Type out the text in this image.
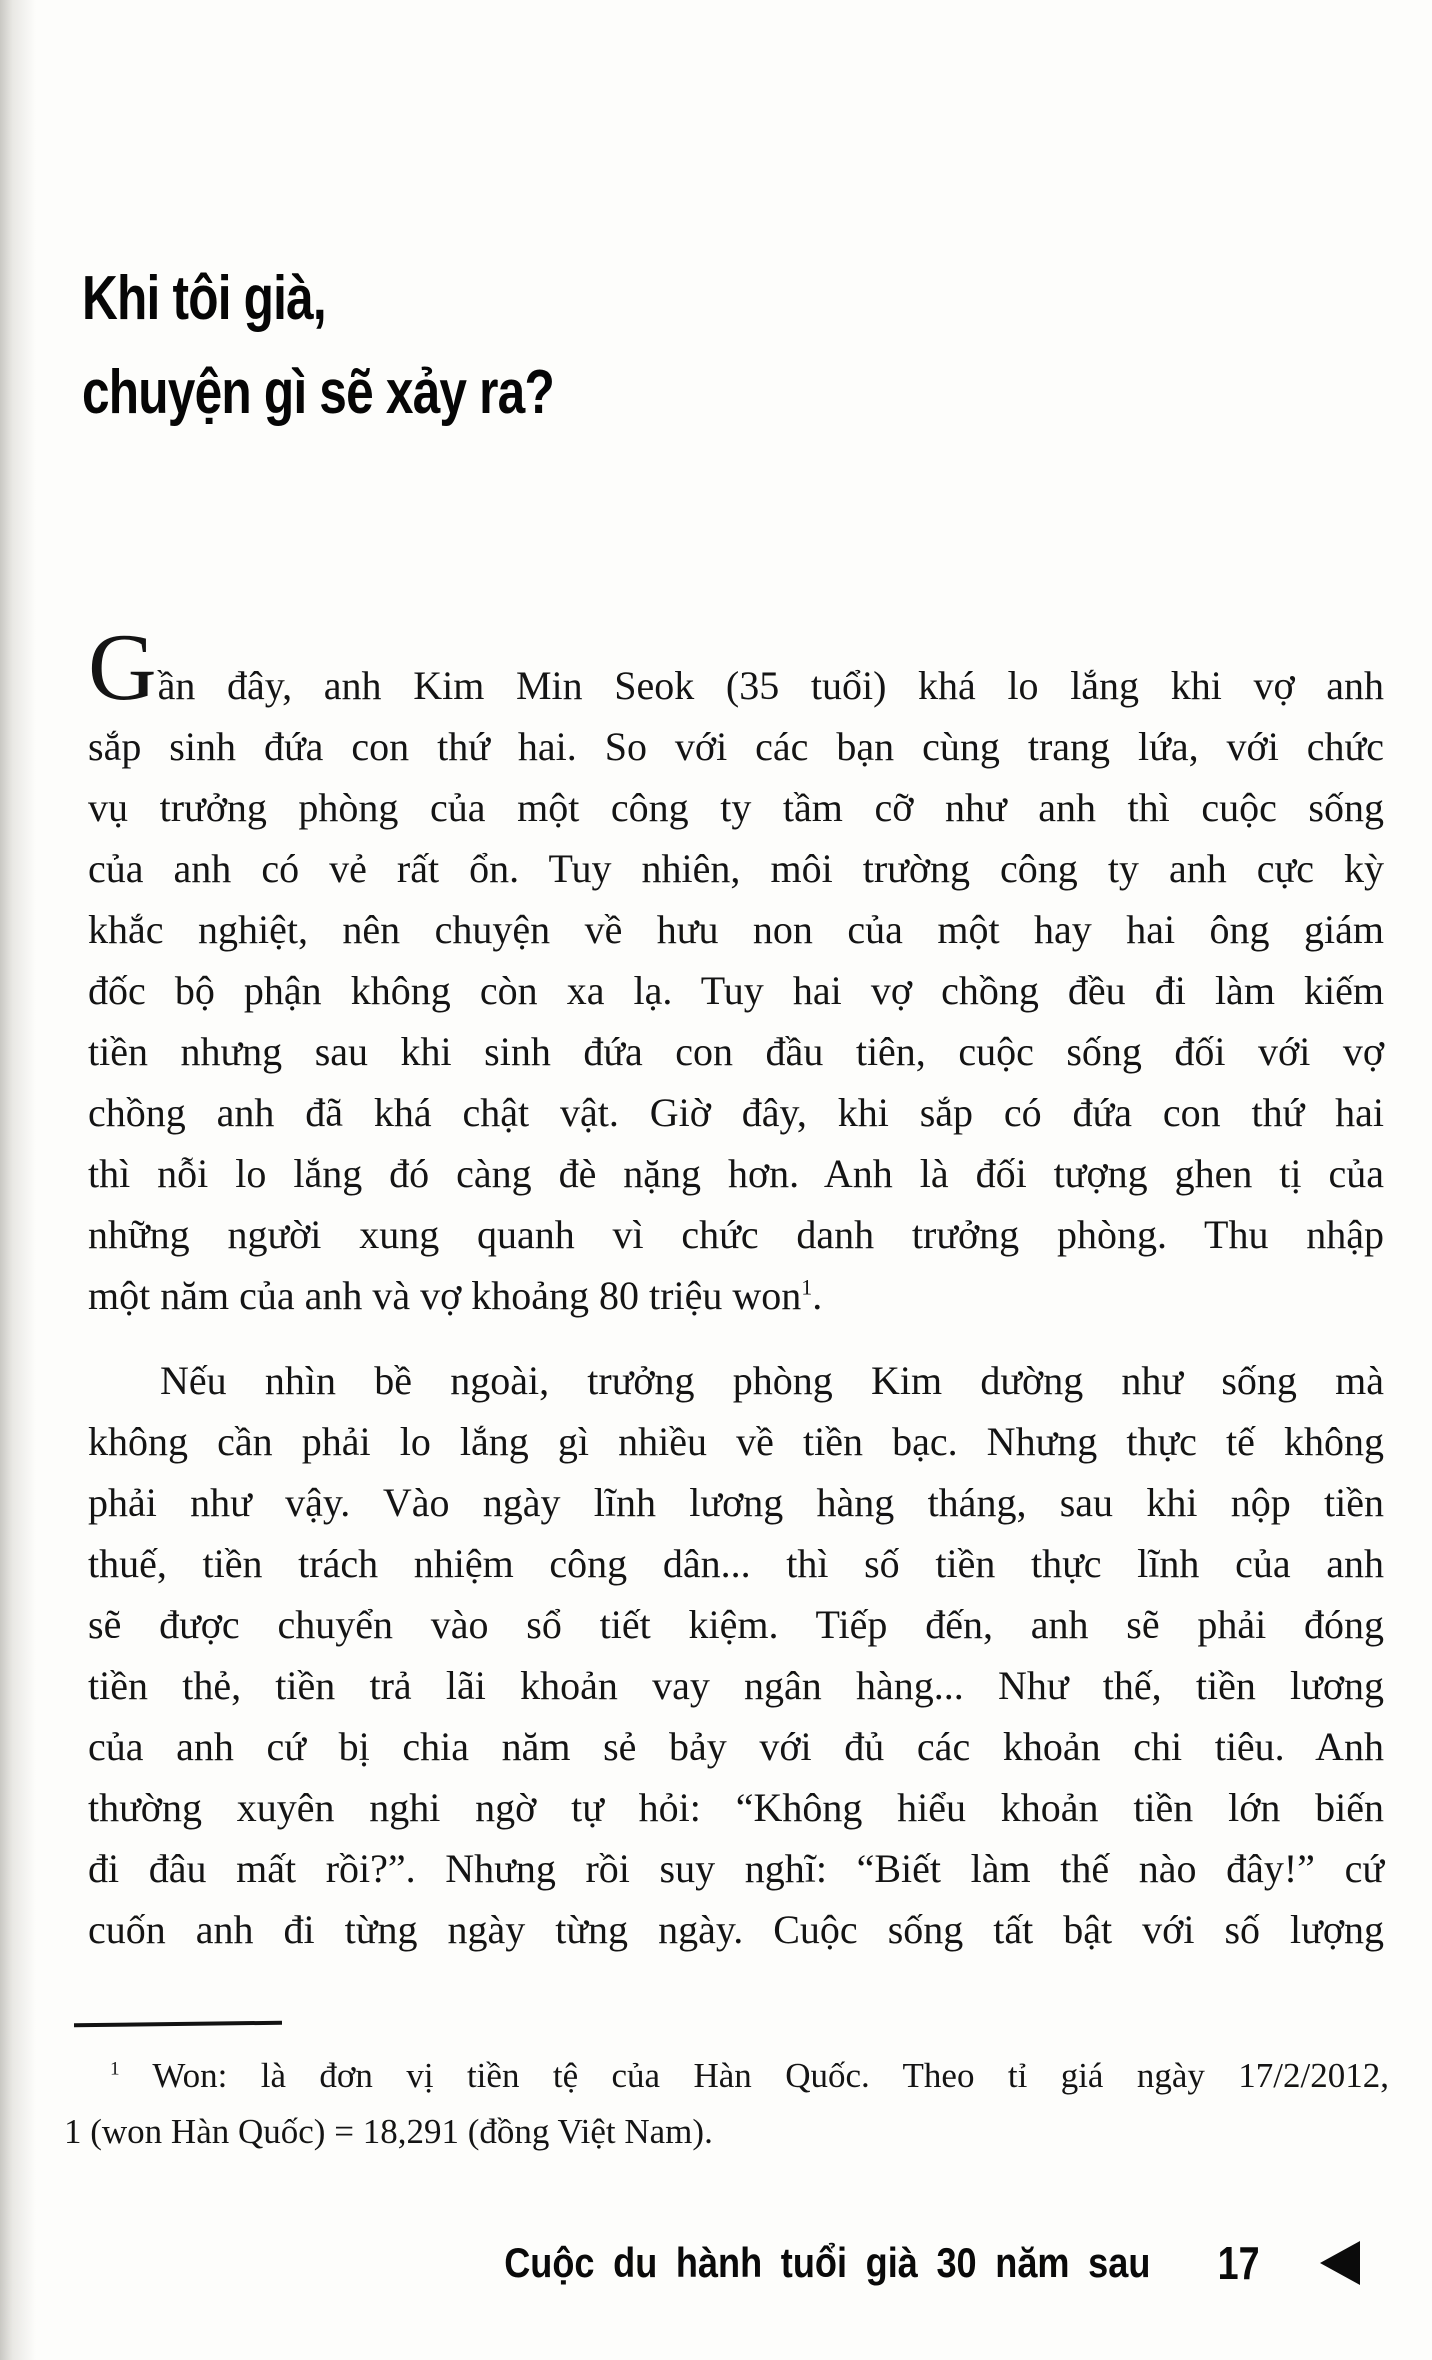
Khi tôi già,
chuyện gì sẽ xảy ra?
Gần đây, anh Kim Min Seok (35 tuổi) khá lo lắng khi vợ anh
sắp sinh đứa con thứ hai. So với các bạn cùng trang lứa, với chức
vụ trưởng phòng của một công ty tầm cỡ như anh thì cuộc sống
của anh có vẻ rất ổn. Tuy nhiên, môi trường công ty anh cực kỳ
khắc nghiệt, nên chuyện về hưu non của một hay hai ông giám
đốc bộ phận không còn xa lạ. Tuy hai vợ chồng đều đi làm kiếm
tiền nhưng sau khi sinh đứa con đầu tiên, cuộc sống đối với vợ
chồng anh đã khá chật vật. Giờ đây, khi sắp có đứa con thứ hai
thì nỗi lo lắng đó càng đè nặng hơn. Anh là đối tượng ghen tị của
những người xung quanh vì chức danh trưởng phòng. Thu nhập
một năm của anh và vợ khoảng 80 triệu won$^1$.
Nếu nhìn bề ngoài, trưởng phòng Kim dường như sống mà
không cần phải lo lắng gì nhiều về tiền bạc. Nhưng thực tế không
phải như vậy. Vào ngày lĩnh lương hàng tháng, sau khi nộp tiền
thuế, tiền trách nhiệm công dân... thì số tiền thực lĩnh của anh
sẽ được chuyển vào sổ tiết kiệm. Tiếp đến, anh sẽ phải đóng
tiền thẻ, tiền trả lãi khoản vay ngân hàng... Như thế, tiền lương
của anh cứ bị chia năm sẻ bảy với đủ các khoản chi tiêu. Anh
thường xuyên nghi ngờ tự hỏi: “Không hiểu khoản tiền lớn biến
đi đâu mất rồi?”. Nhưng rồi suy nghĩ: “Biết làm thế nào đây!” cứ
cuốn anh đi từng ngày từng ngày. Cuộc sống tất bật với số lượng
$^1$ Won: là đơn vị tiền tệ của Hàn Quốc. Theo tỉ giá ngày 17/2/2012,
1 (won Hàn Quốc) = 18,291 (đồng Việt Nam).
Cuộc du hành tuổi già 30 năm sau 17
